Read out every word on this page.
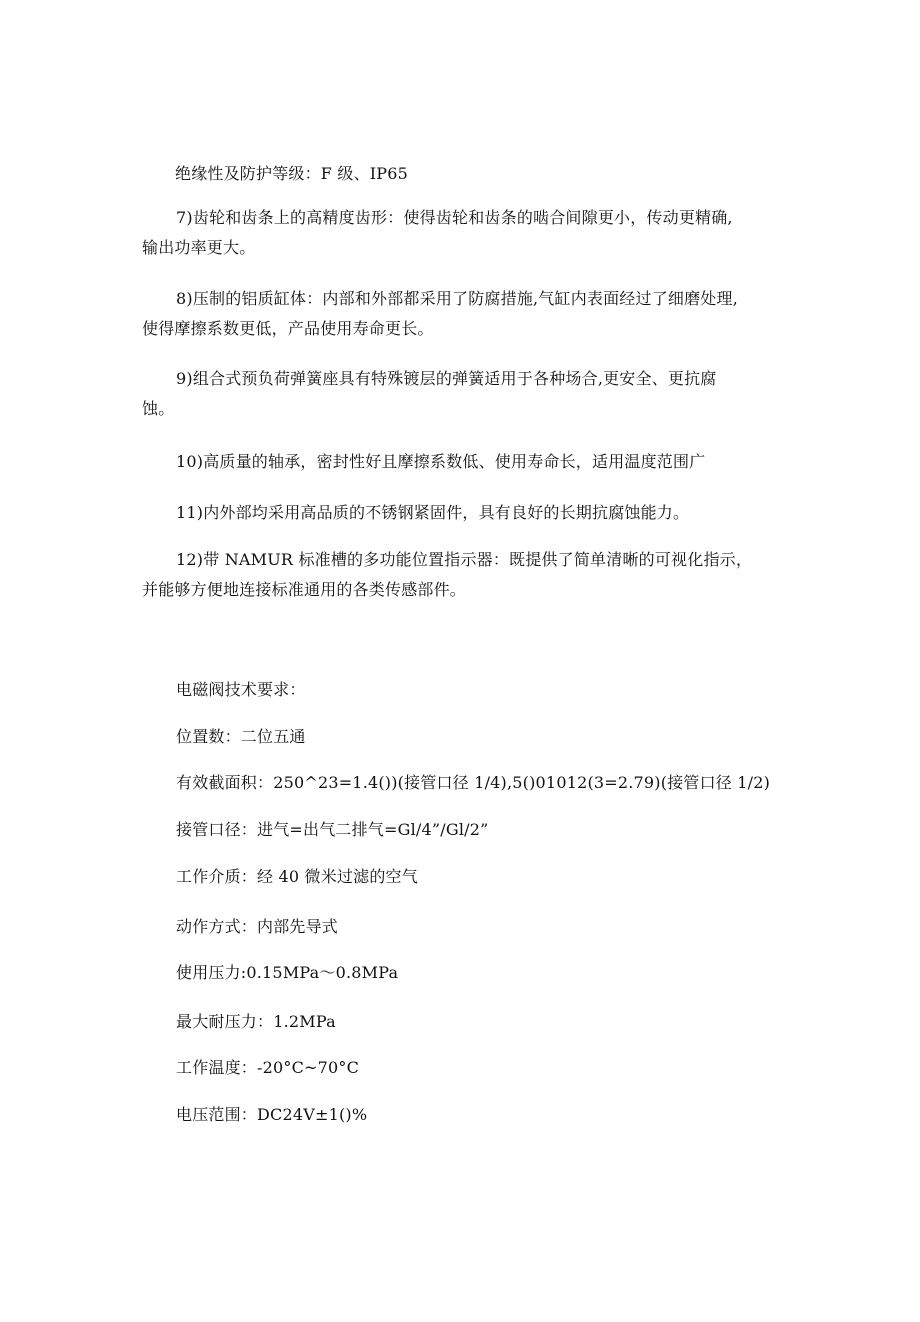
绝缘性及防护等级：F 级、IP65
7)齿轮和齿条上的高精度齿形：使得齿轮和齿条的啮合间隙更小，传动更精确,
输出功率更大。
8)压制的铝质缸体：内部和外部都采用了防腐措施,气缸内表面经过了细磨处理,
使得摩擦系数更低，产品使用寿命更长。
9)组合式预负荷弹簧座具有特殊镀层的弹簧适用于各种场合,更安全、更抗腐
蚀。
10)高质量的轴承，密封性好且摩擦系数低、使用寿命长，适用温度范围广
11)内外部均采用高品质的不锈钢紧固件，具有良好的长期抗腐蚀能力。
12)带 NAMUR 标准槽的多功能位置指示器：既提供了简单清晰的可视化指示，
并能够方便地连接标准通用的各类传感部件。
电磁阀技术要求：
位置数：二位五通
有效截面积：250^23=1.4())(接管口径 1/4),5()01012(3=2.79)(接管口径 1/2)
接管口径：进气=出气二排气=Gl/4”/Gl/2”
工作介质：经 40 微米过滤的空气
动作方式：内部先导式
使用压力:0.15MPa～0.8MPa
最大耐压力：1.2MPa
工作温度：-20°C~70°C
电压范围：DC24V±1()%
